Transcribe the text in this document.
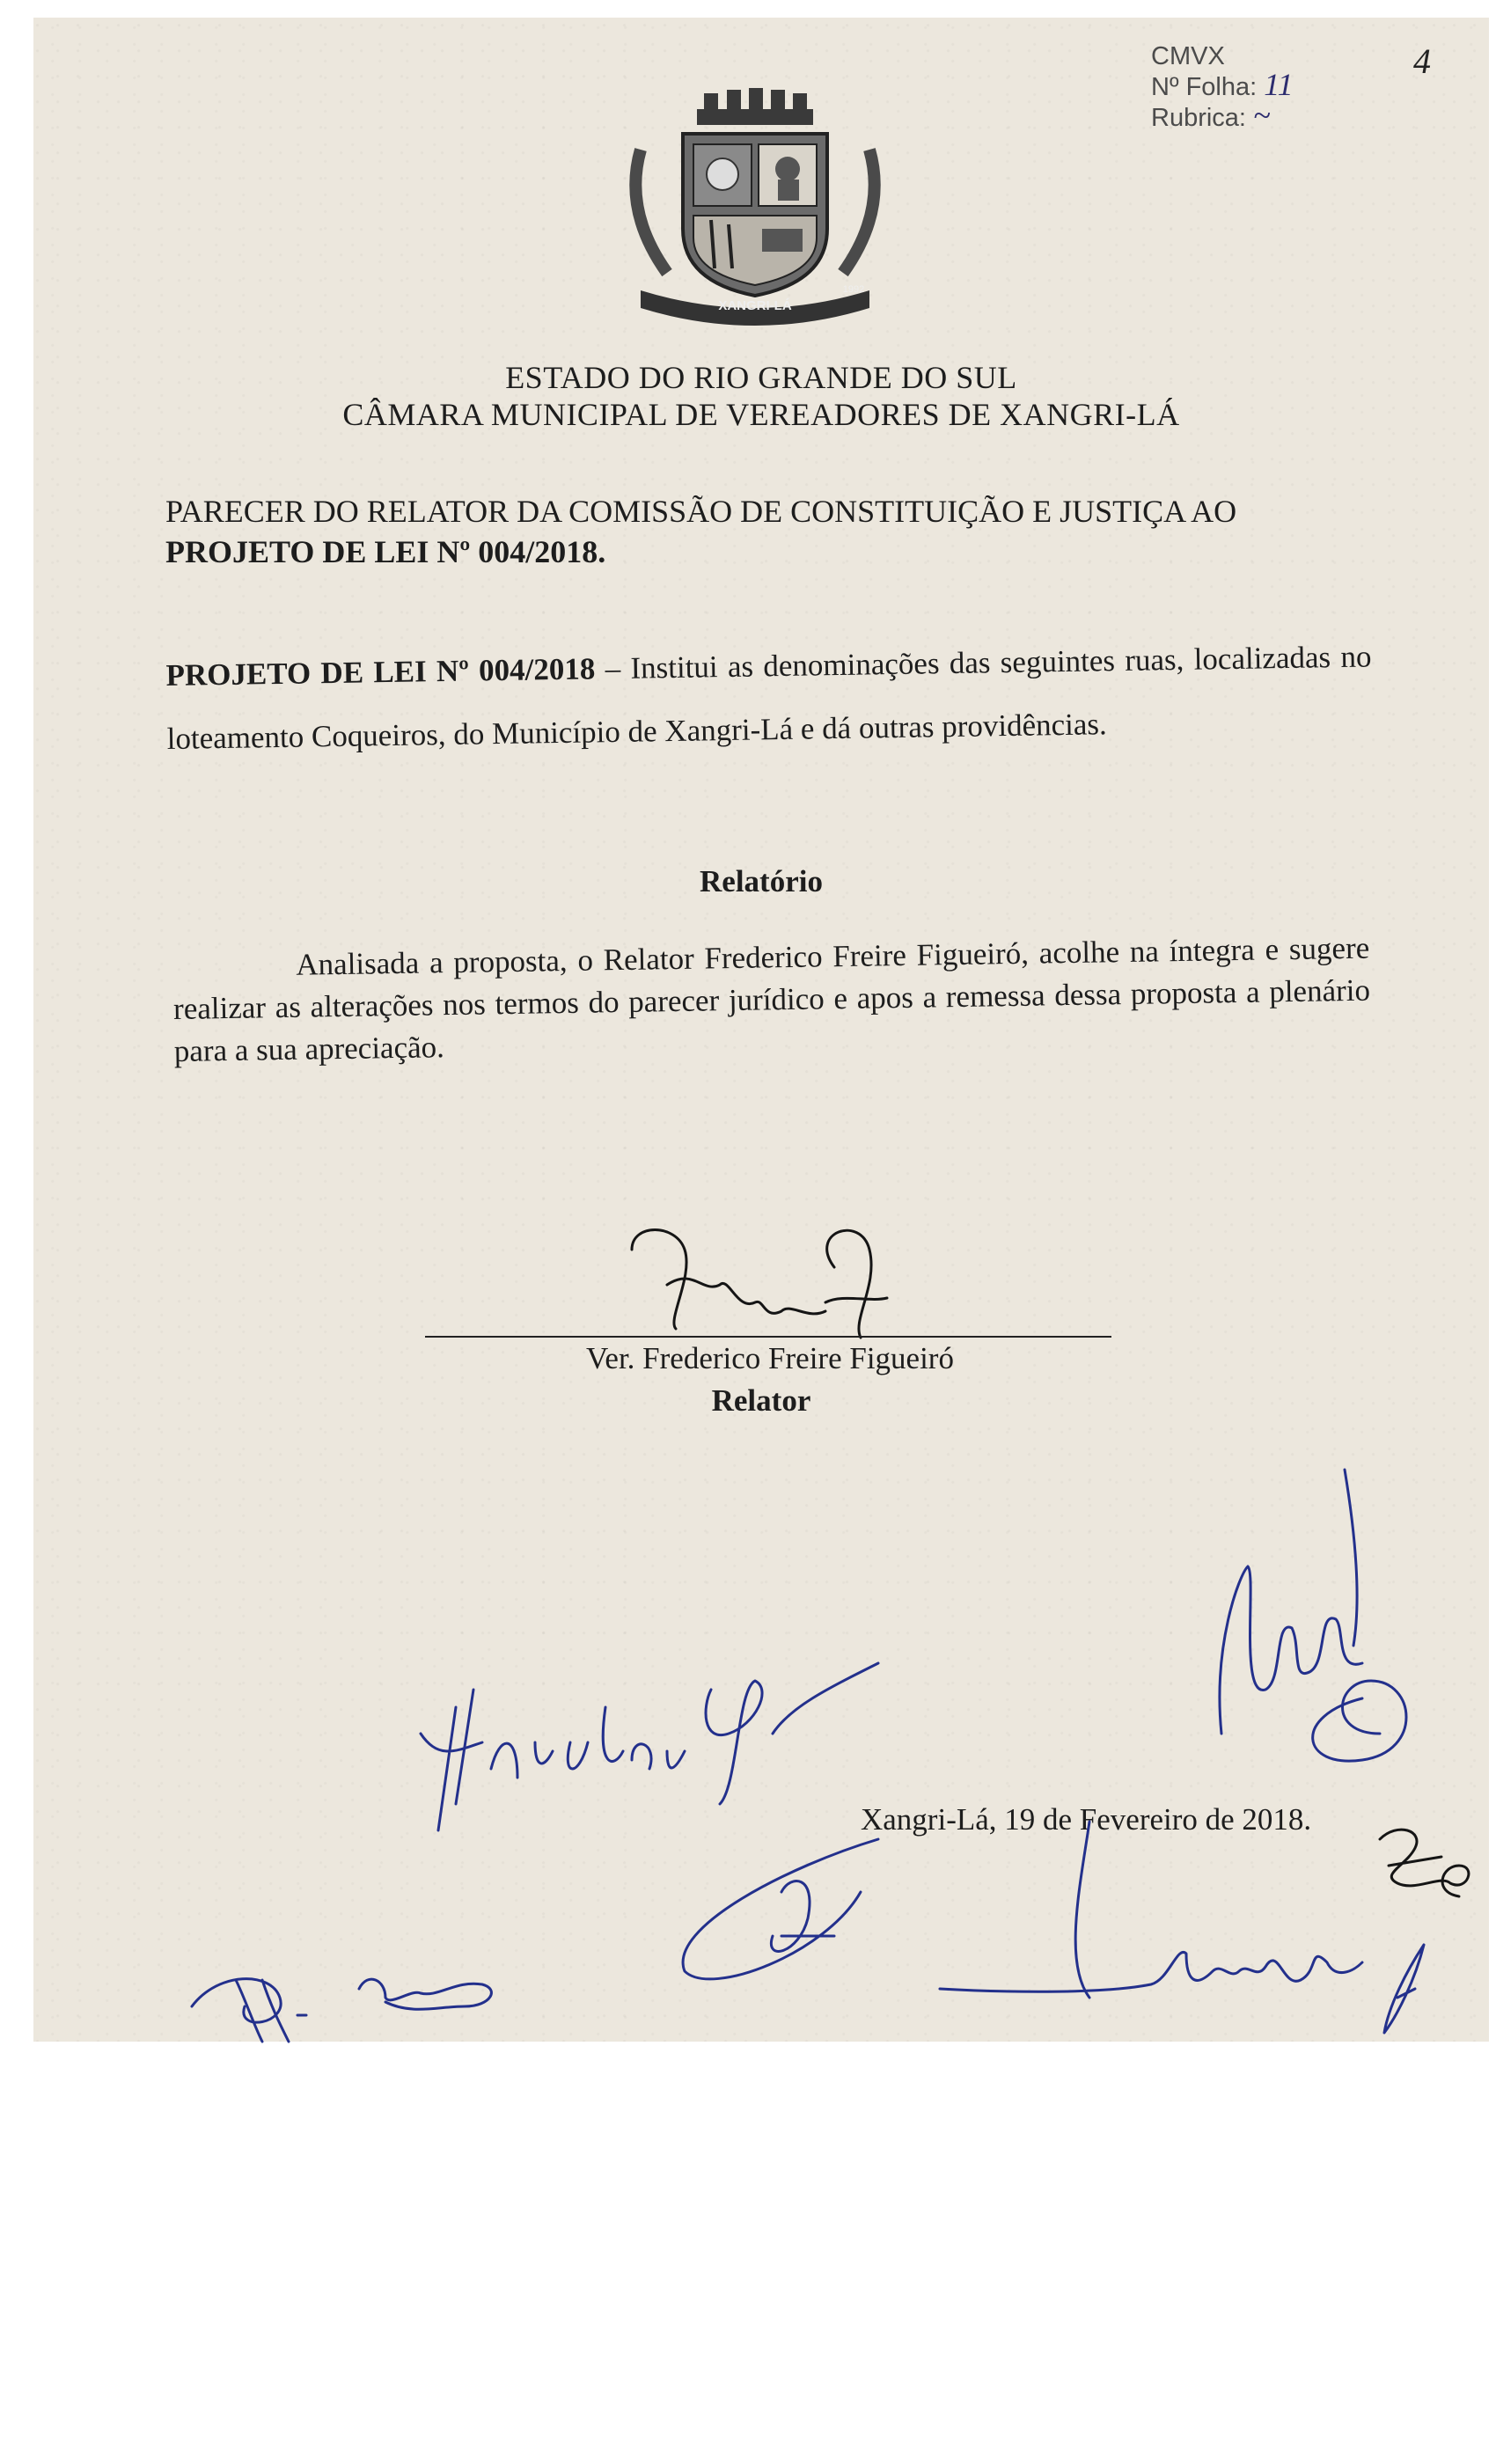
CMVX
Nº Folha: 11
Rubrica: ~
4
XANGRI-LÁ
1992
ESTADO DO RIO GRANDE DO SUL
CÂMARA MUNICIPAL DE VEREADORES DE XANGRI-LÁ
PARECER DO RELATOR DA COMISSÃO DE CONSTITUIÇÃO E JUSTIÇA AO
PROJETO DE LEI Nº 004/2018.
PROJETO DE LEI Nº 004/2018 – Institui as denominações das seguintes ruas, localizadas no loteamento Coqueiros, do Município de Xangri-Lá e dá outras providências.
Relatório
Analisada a proposta, o Relator Frederico Freire Figueiró, acolhe na íntegra e sugere realizar as alterações nos termos do parecer jurídico e apos a remessa dessa proposta a plenário para a sua apreciação.
Ver. Frederico Freire Figueiró
Relator
Xangri-Lá, 19 de Fevereiro de 2018.
